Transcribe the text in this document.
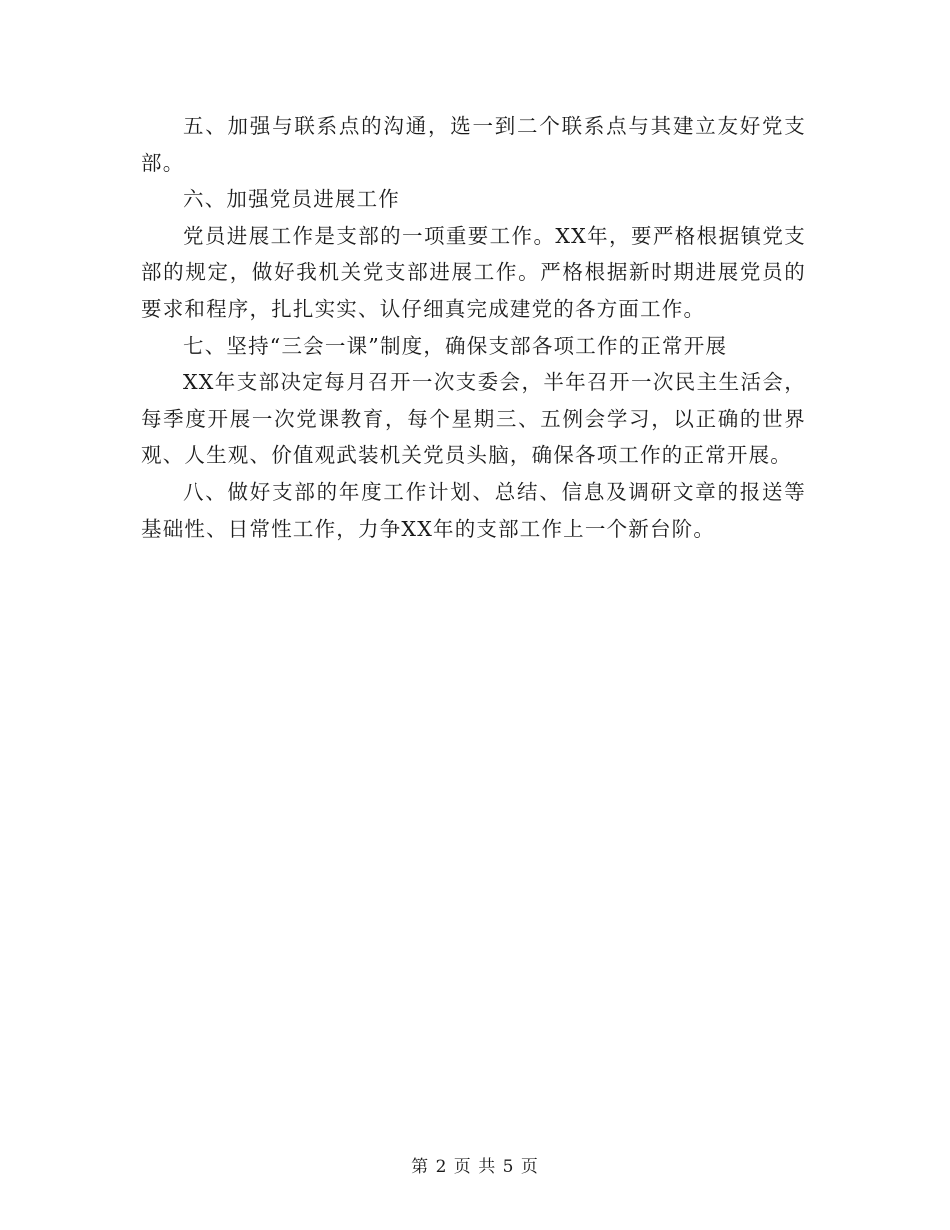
五、加强与联系点的沟通，选一到二个联系点与其建立友好党支部。

六、加强党员进展工作

党员进展工作是支部的一项重要工作。XX年，要严格根据镇党支部的规定，做好我机关党支部进展工作。严格根据新时期进展党员的要求和程序，扎扎实实、认仔细真完成建党的各方面工作。

七、坚持“三会一课”制度，确保支部各项工作的正常开展

XX年支部决定每月召开一次支委会，半年召开一次民主生活会，每季度开展一次党课教育，每个星期三、五例会学习，以正确的世界观、人生观、价值观武装机关党员头脑，确保各项工作的正常开展。

八、做好支部的年度工作计划、总结、信息及调研文章的报送等基础性、日常性工作，力争XX年的支部工作上一个新台阶。

第 2 页 共 5 页
